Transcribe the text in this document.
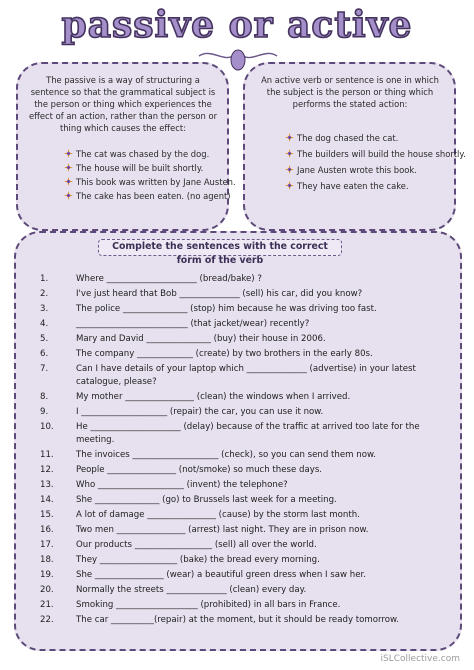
passive or active
The passive is a way of structuring a sentence so that the grammatical subject is the person or thing which experiences the effect of an action, rather than the person or thing which causes the effect:
The cat was chased by the dog.
The house will be built shortly.
This book was written by Jane Austen.
The cake has been eaten. (no agent)
An active verb or sentence is one in which the subject is the person or thing which performs the stated action:
The dog chased the cat.
The builders will build the house shortly.
Jane Austen wrote this book.
They have eaten the cake.
Complete the sentences with the correct form of the verb
1.	Where _____________________ (bread/bake) ?
2.	I've just heard that Bob ______________ (sell) his car, did you know?
3.	The police _______________ (stop) him because he was driving too fast.
4.	__________________________ (that jacket/wear) recently?
5.	Mary and David _______________ (buy) their house in 2006.
6.	The company _____________ (create) by two brothers in the early 80s.
7.	Can I have details of your laptop which ______________ (advertise) in your latest catalogue, please?
8.	My mother ________________ (clean) the windows when I arrived.
9.	I ____________________ (repair) the car, you can use it now.
10.	He _____________________ (delay) because of the traffic at arrived too late for the meeting.
11.	The invoices ____________________ (check), so you can send them now.
12.	People ________________ (not/smoke) so much these days.
13.	Who ____________________ (invent) the telephone?
14.	She _______________ (go) to Brussels last week for a meeting.
15.	A lot of damage ________________ (cause) by the storm last month.
16.	Two men ________________ (arrest) last night. They are in prison now.
17.	Our products __________________ (sell) all over the world.
18.	They __________________ (bake) the bread every morning.
19.	She ________________ (wear) a beautiful green dress when I saw her.
20.	Normally the streets ______________ (clean) every day.
21.	Smoking ___________________ (prohibited) in all bars in France.
22.	The car __________(repair) at the moment, but it should be ready tomorrow.
iSLCollective.com
